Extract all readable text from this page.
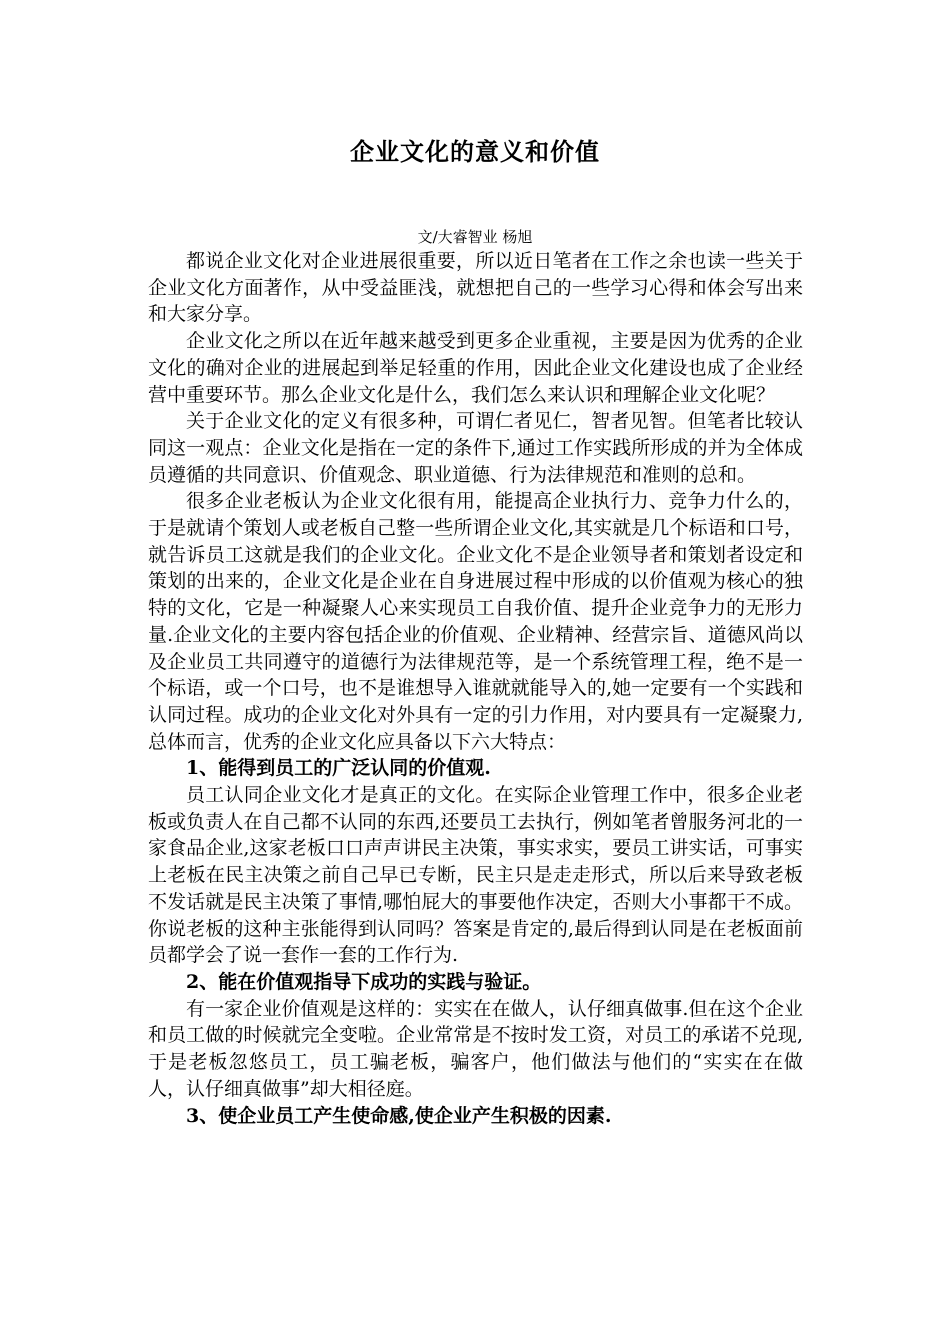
企业文化的意义和价值
文/大睿智业 杨旭

都说企业文化对企业进展很重要，所以近日笔者在工作之余也读一些关于企业文化方面著作，从中受益匪浅，就想把自己的一些学习心得和体会写出来和大家分享。

企业文化之所以在近年越来越受到更多企业重视，主要是因为优秀的企业文化的确对企业的进展起到举足轻重的作用，因此企业文化建设也成了企业经营中重要环节。那么企业文化是什么，我们怎么来认识和理解企业文化呢？

关于企业文化的定义有很多种，可谓仁者见仁，智者见智。但笔者比较认同这一观点：企业文化是指在一定的条件下,通过工作实践所形成的并为全体成员遵循的共同意识、价值观念、职业道德、行为法律规范和准则的总和。

很多企业老板认为企业文化很有用，能提高企业执行力、竞争力什么的，于是就请个策划人或老板自己整一些所谓企业文化,其实就是几个标语和口号，就告诉员工这就是我们的企业文化。企业文化不是企业领导者和策划者设定和策划的出来的，企业文化是企业在自身进展过程中形成的以价值观为核心的独特的文化，它是一种凝聚人心来实现员工自我价值、提升企业竞争力的无形力量.企业文化的主要内容包括企业的价值观、企业精神、经营宗旨、道德风尚以及企业员工共同遵守的道德行为法律规范等，是一个系统管理工程，绝不是一个标语，或一个口号，也不是谁想导入谁就就能导入的,她一定要有一个实践和认同过程。成功的企业文化对外具有一定的引力作用，对内要具有一定凝聚力,总体而言，优秀的企业文化应具备以下六大特点：

1、能得到员工的广泛认同的价值观.

员工认同企业文化才是真正的文化。在实际企业管理工作中，很多企业老板或负责人在自己都不认同的东西,还要员工去执行，例如笔者曾服务河北的一家食品企业,这家老板口口声声讲民主决策，事实求实，要员工讲实话，可事实上老板在民主决策之前自己早已专断，民主只是走走形式，所以后来导致老板不发话就是民主决策了事情,哪怕屁大的事要他作决定，否则大小事都干不成。你说老板的这种主张能得到认同吗？答案是肯定的,最后得到认同是在老板面前员都学会了说一套作一套的工作行为.

2、能在价值观指导下成功的实践与验证。

有一家企业价值观是这样的：实实在在做人，认仔细真做事.但在这个企业和员工做的时候就完全变啦。企业常常是不按时发工资，对员工的承诺不兑现,于是老板忽悠员工，员工骗老板，骗客户，他们做法与他们的“实实在在做人，认仔细真做事”却大相径庭。

3、使企业员工产生使命感,使企业产生积极的因素.
